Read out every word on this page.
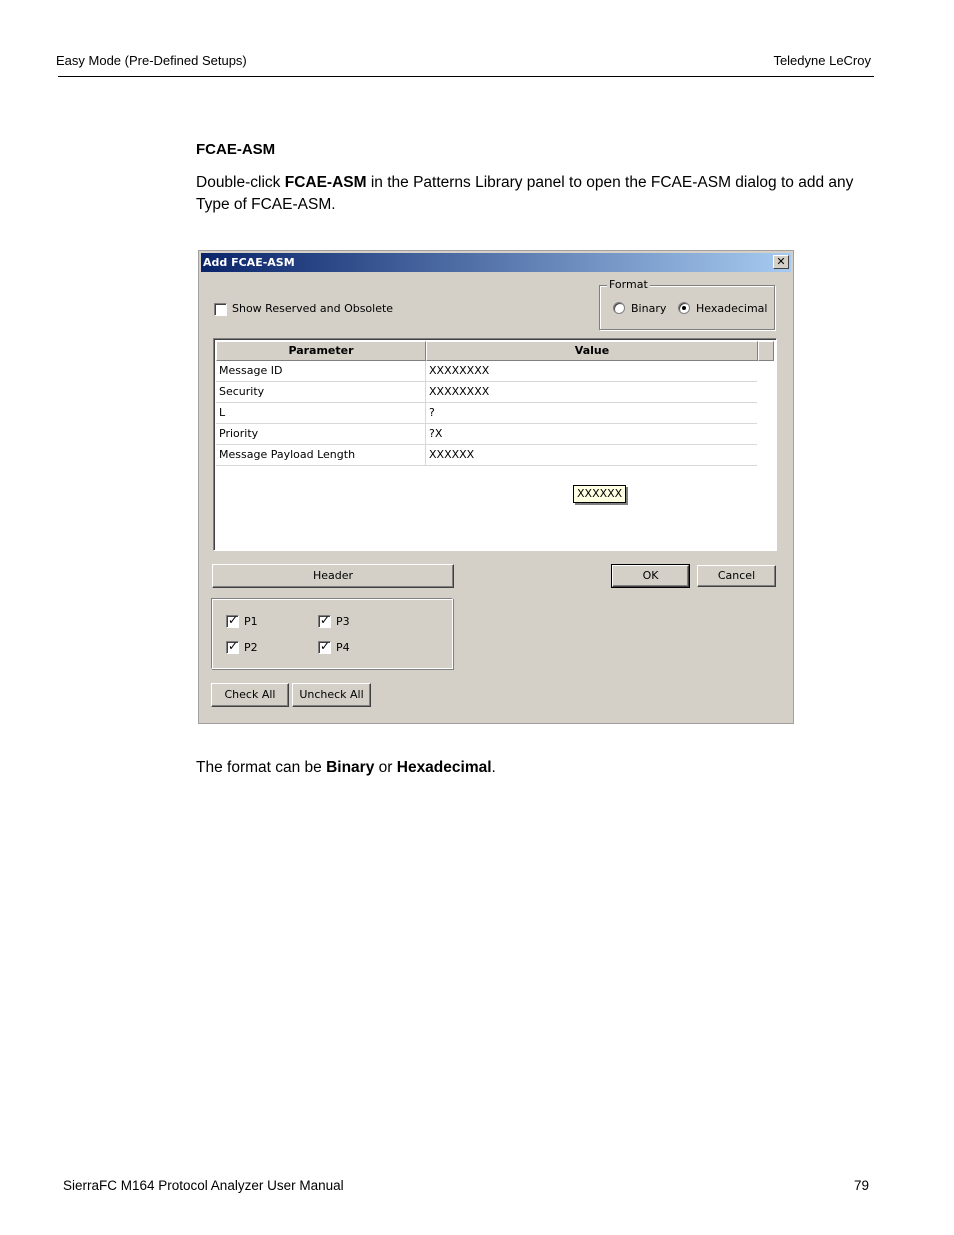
Easy Mode (Pre-Defined Setups)	Teledyne LeCroy
FCAE-ASM
Double-click FCAE-ASM in the Patterns Library panel to open the FCAE-ASM dialog to add any Type of FCAE-ASM.
Add FCAE-ASM	✕
Show Reserved and Obsolete
Format
Binary	Hexadecimal
Parameter	Value
Message ID	XXXXXXXX
Security	XXXXXXXX
L	?
Priority	?X
Message Payload Length	XXXXXX
XXXXXX
Header	OK	Cancel
✓
P1
✓
P2
✓
P3
✓
P4
Check All	Uncheck All
The format can be Binary or Hexadecimal.
SierraFC M164 Protocol Analyzer User Manual	79
